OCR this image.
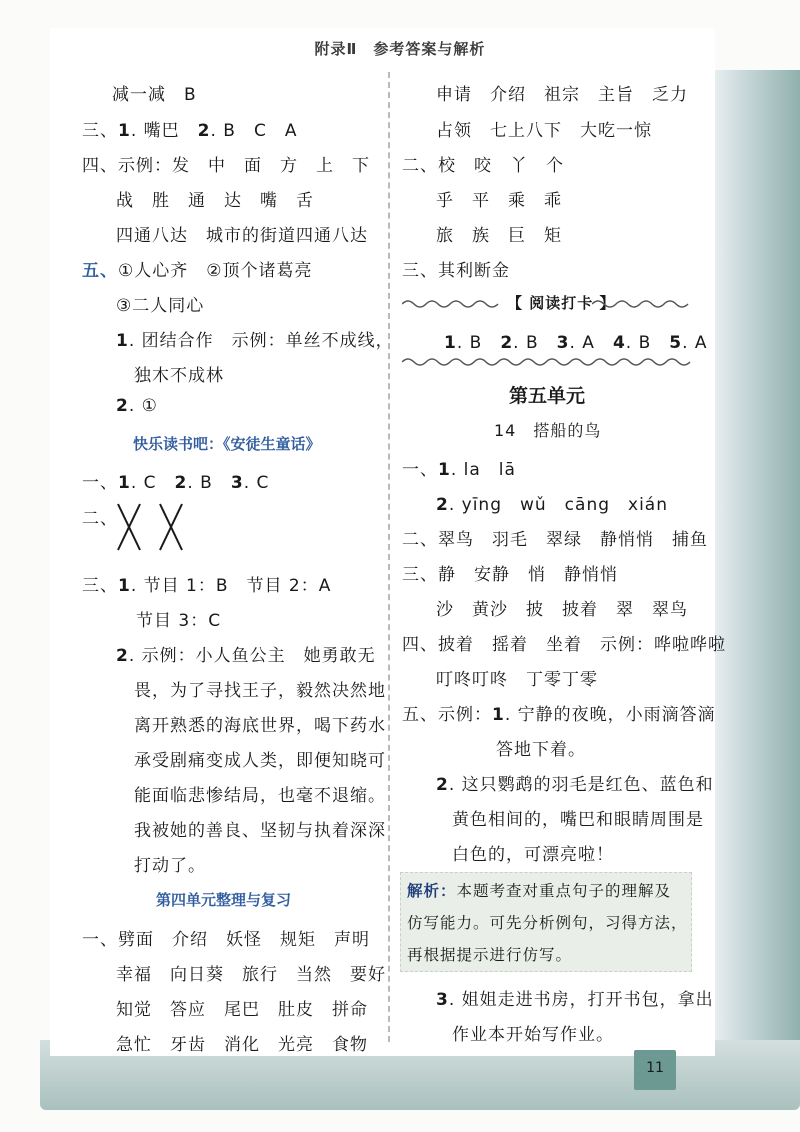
附录Ⅱ　参考答案与解析
减一减　B
三、1. 嘴巴　2. B　C　A
四、示例：发　中　面　方　上　下
战　胜　通　达　嘴　舌
四通八达　城市的街道四通八达
五、①人心齐　②顶个诸葛亮
③二人同心
1. 团结合作　示例：单丝不成线，
独木不成林
2. ①
快乐读书吧：《安徒生童话》
一、1. C　2. B　3. C
二、
三、1. 节目 1：B　节目 2：A
节目 3：C
2. 示例：小人鱼公主　她勇敢无
畏，为了寻找王子，毅然决然地
离开熟悉的海底世界，喝下药水
承受剧痛变成人类，即便知晓可
能面临悲惨结局，也毫不退缩。
我被她的善良、坚韧与执着深深
打动了。
第四单元整理与复习
一、劈面　介绍　妖怪　规矩　声明
幸福　向日葵　旅行　当然　要好
知觉　答应　尾巴　肚皮　拼命
急忙　牙齿　消化　光亮　食物
申请　介绍　祖宗　主旨　乏力
占领　七上八下　大吃一惊
二、校　咬　丫　个
乎　平　乘　乖
旅　族　巨　矩
三、其利断金
【 阅读打卡 】
1. B　2. B　3. A　4. B　5. A
第五单元
14　搭船的鸟
一、1. la　lā
2. yīng　wǔ　cāng　xián
二、翠鸟　羽毛　翠绿　静悄悄　捕鱼
三、静　安静　悄　静悄悄
沙　黄沙　披　披着　翠　翠鸟
四、披着　摇着　坐着　示例：哗啦哗啦
叮咚叮咚　丁零丁零
五、示例：1. 宁静的夜晚，小雨滴答滴
答地下着。
2. 这只鹦鹉的羽毛是红色、蓝色和
黄色相间的，嘴巴和眼睛周围是
白色的，可漂亮啦！
解析：本题考查对重点句子的理解及
仿写能力。可先分析例句，习得方法，
再根据提示进行仿写。
3. 姐姐走进书房，打开书包，拿出
作业本开始写作业。
11
